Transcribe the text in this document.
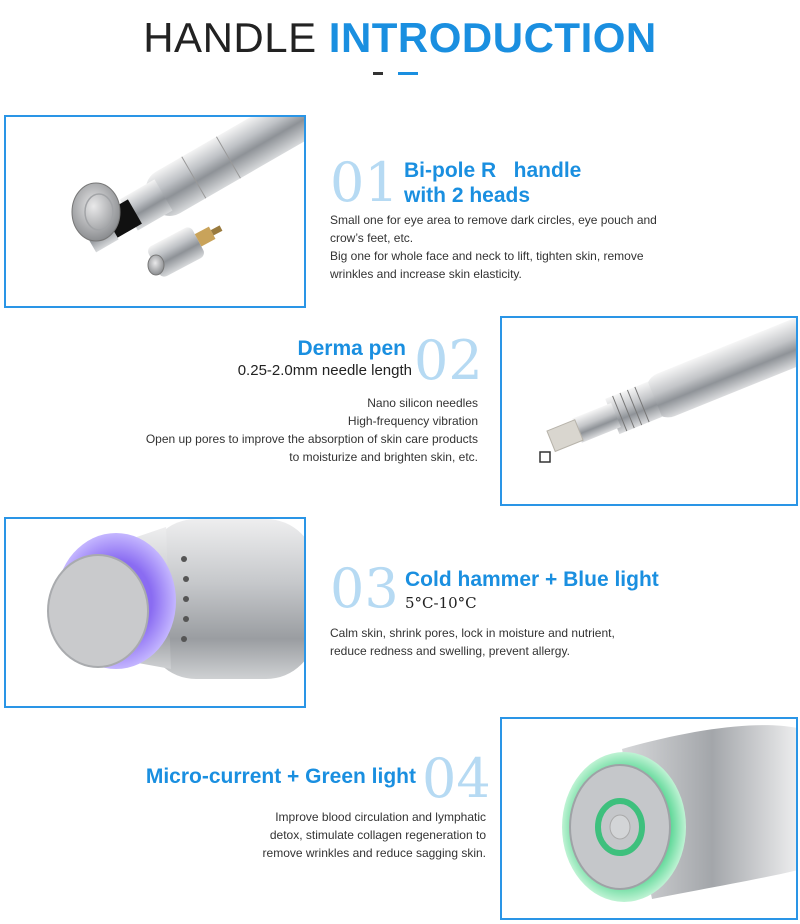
HANDLE INTRODUCTION
01 Bi-pole R   handle
with 2 heads
Small one for eye area to remove dark circles, eye pouch and
crow’s feet, etc.
Big one for whole face and neck to lift, tighten skin, remove
wrinkles and increase skin elasticity.
Derma pen
0.25-2.0mm needle length 02
Nano silicon needles
High-frequency vibration
Open up pores to improve the absorption of skin care products
to moisturize and brighten skin, etc.
03 Cold hammer + Blue light
5°C-10°C
Calm skin, shrink pores, lock in moisture and nutrient,
reduce redness and swelling, prevent allergy.
Micro-current + Green light 04
Improve blood circulation and lymphatic
detox, stimulate collagen regeneration to
remove wrinkles and reduce sagging skin.
